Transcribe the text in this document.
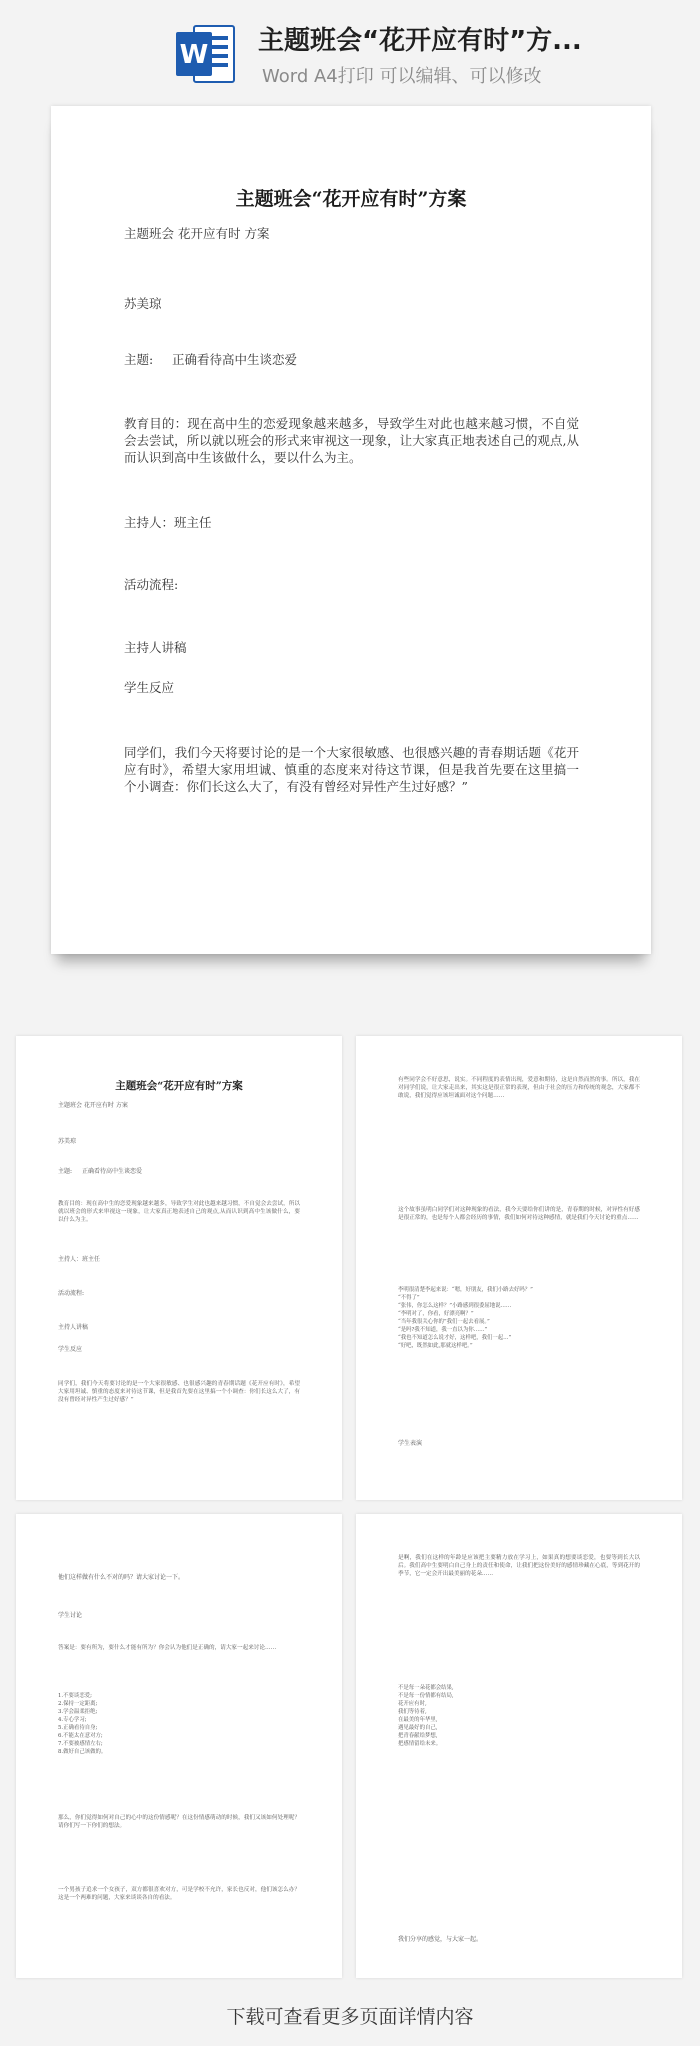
W 主题班会“花开应有时”方...
Word A4打印 可以编辑、可以修改
主题班会“花开应有时”方案
主题班会 花开应有时 方案
苏美琼
主题: 正确看待高中生谈恋爱
教育目的：现在高中生的恋爱现象越来越多，导致学生对此也越来越习惯，不自觉会去尝试，所以就以班会的形式来审视这一现象，让大家真正地表述自己的观点,从而认识到高中生该做什么，要以什么为主。
主持人：班主任
活动流程:
主持人讲稿
学生反应
同学们，我们今天将要讨论的是一个大家很敏感、也很感兴趣的青春期话题《花开应有时》，希望大家用坦诚、慎重的态度来对待这节课，但是我首先要在这里搞一个小调查：你们长这么大了，有没有曾经对异性产生过好感？”
主题班会“花开应有时”方案
主题班会 花开应有时 方案
苏美琼
主题: 正确看待高中生谈恋爱
教育目的：现在高中生的恋爱现象越来越多，导致学生对此也越来越习惯，不自觉会去尝试，所以就以班会的形式来审视这一现象，让大家真正地表述自己的观点,从而认识到高中生该做什么，要以什么为主。
主持人：班主任
活动流程:
主持人讲稿
学生反应
同学们，我们今天将要讨论的是一个大家很敏感、也很感兴趣的青春期话题《花开应有时》，希望大家用坦诚、慎重的态度来对待这节课，但是我首先要在这里搞一个小调查：你们长这么大了，有没有曾经对异性产生过好感？”
有些同学会不好意思，说实。不同程度的表情出现，爱意和期待，这是自然而然的事。所以，我在对同学们说，让大家走出来，其实这是很正常的表现，但由于社会的压力和传统的观念，大家都不敢说，我们觉得应该坦诚面对这个问题……
这个故事虽明白同学们对这种现象的看法，我今天要给你们讲的是，青春期的时候，对异性有好感是很正常的，也是每个人都会经历的事情，我们如何对待这种感情，就是我们今天讨论的重点……
李明很清楚李起来说：“嗯，好朋友，我们小路去好吗？”
“不得了”
“张伟，你怎么这样？”小路感到很委屈地说……
“李明对了，你看，好漂亮啊？”
“当年我很关心你的”我们一起去看展。”
“是吗?我不知道，我一直以为你……”
“我也不知道怎么说才好，这样吧，我们一起…”
“好吧，既然如此,那就这样吧。”
学生表演
他们这样做有什么不对的吗？请大家讨论一下。
学生讨论
答案是：要有所为，要什么才能有所为？你会认为他们是正确的，请大家一起来讨论……
1.不要谈恋爱;
2.保持一定距离;
3.学会温柔拒绝;
4.专心学习;
5.正确看待自身;
6.不能太在意对方;
7.不要被感情左右;
8.做好自己该做的。
那么，你们觉得如何对自己的心中的这份情感呢？在这份情感萌动的时候，我们又该如何处理呢？请你们写一下你们的想法。
一个男孩子追求一个女孩子，双方都很喜欢对方，可是学校不允许，家长也反对，他们该怎么办？这是一个两难的问题，大家来谈谈各自的看法。
是啊，我们在这样的年龄是应该把主要精力放在学习上，如果真的想要谈恋爱，也要等到长大以后。我们高中生要明白自己身上的责任和使命，让我们把这份美好的感情珍藏在心底，等到花开的季节，它一定会开出最美丽的花朵……
不是每一朵花都会结果,
不是每一份情都有结局,
花开应有时,
我们等待着,
在最美的年华里,
遇见最好的自己,
把青春献给梦想,
把感情留给未来。
我们分享的感觉，与大家一起。
下载可查看更多页面详情内容
